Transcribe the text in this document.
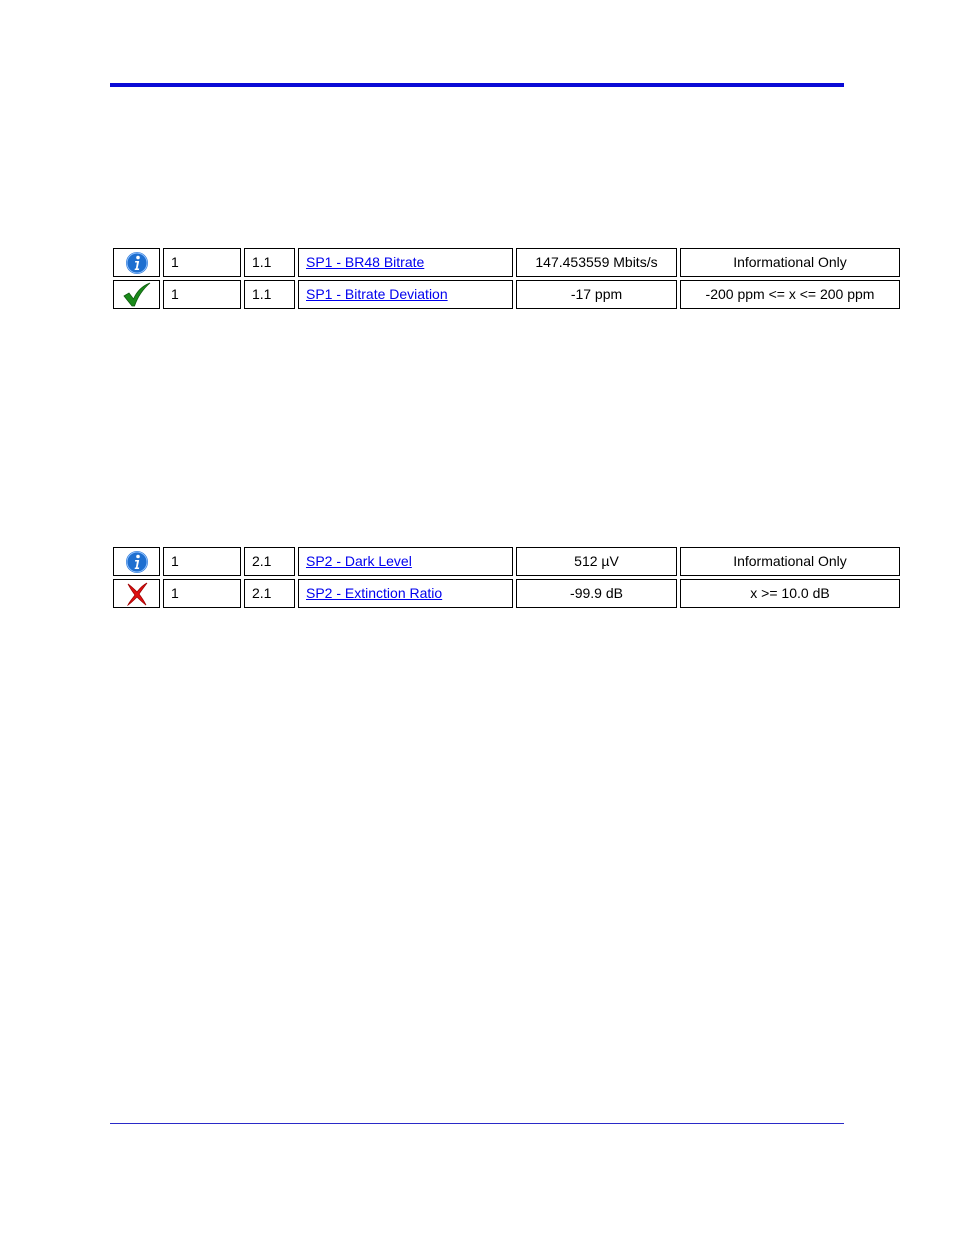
	1	1.1	SP1 - BR48 Bitrate	147.453559 Mbits/s	Informational Only

	1	1.1	SP1 - Bitrate Deviation	-17 ppm	-200 ppm <= x <= 200 ppm
	1	2.1	SP2 - Dark Level	512 µV	Informational Only

	1	2.1	SP2 - Extinction Ratio	-99.9 dB	x >= 10.0 dB
